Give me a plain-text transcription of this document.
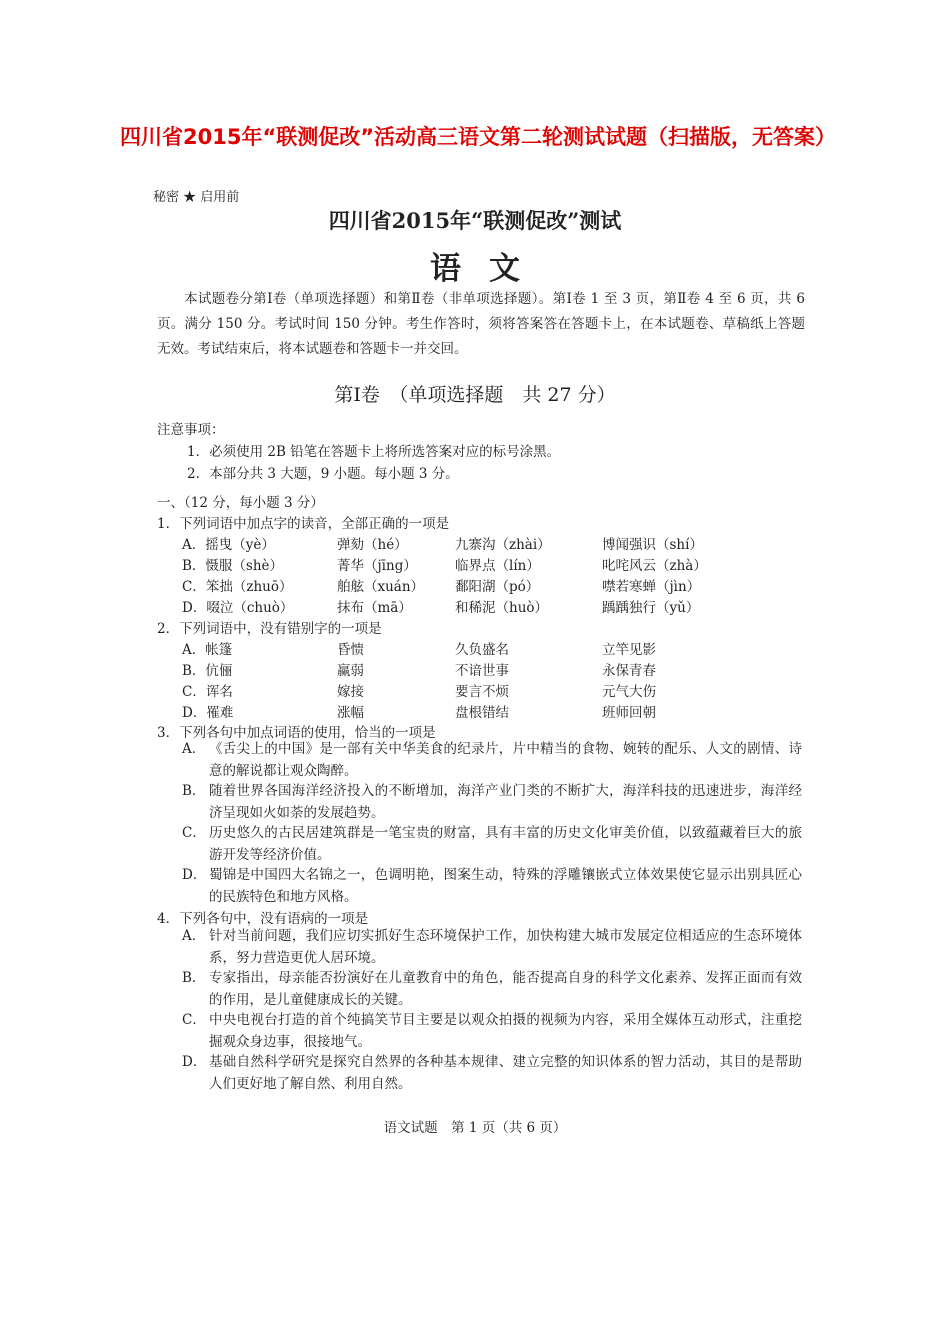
四川省2015年“联测促改”活动高三语文第二轮测试试题（扫描版，无答案）
秘密 ★ 启用前
四川省2015年“联测促改”测试
语文
本试题卷分第Ⅰ卷（单项选择题）和第Ⅱ卷（非单项选择题）。第Ⅰ卷 1 至 3 页，第Ⅱ卷 4 至 6 页，共 6 页。满分 150 分。考试时间 150 分钟。考生作答时，须将答案答在答题卡上，在本试题卷、草稿纸上答题无效。考试结束后，将本试题卷和答题卡一并交回。
第Ⅰ卷　（单项选择题　共 27 分）
注意事项：
1．必须使用 2B 铅笔在答题卡上将所选答案对应的标号涂黑。
2．本部分共 3 大题，9 小题。每小题 3 分。
一、（12 分，每小题 3 分）
1．下列词语中加点字的读音，全部正确的一项是
A．摇曳（yè）	弹劾（hé）	九寨沟（zhài）	博闻强识（shí）
B．慑服（shè）	菁华（jīng）	临界点（lín）	叱咤风云（zhà）
C．笨拙（zhuō）	舶舷（xuán） 鄱阳湖（pó）	噤若寒蝉（jìn）
D．啜泣（chuò）	抹布（mā）	和稀泥（huò）	踽踽独行（yǔ）
2．下列词语中，没有错别字的一项是
A．帐篷	昏愦	久负盛名	立竿见影
B．伉俪	赢弱	不谙世事	永保青春
C．诨名	嫁接	要言不烦	元气大伤
D．罹难	涨幅	盘根错结	班师回朝
3．下列各句中加点词语的使用，恰当的一项是
A． 《舌尖上的中国》是一部有关中华美食的纪录片，片中精当的食物、婉转的配乐、人文的剧情、诗意的解说都让观众陶醉。
B． 随着世界各国海洋经济投入的不断增加，海洋产业门类的不断扩大，海洋科技的迅速进步，海洋经济呈现如火如荼的发展趋势。
C． 历史悠久的古民居建筑群是一笔宝贵的财富，具有丰富的历史文化审美价值，以致蕴藏着巨大的旅游开发等经济价值。
D． 蜀锦是中国四大名锦之一，色调明艳，图案生动，特殊的浮雕镶嵌式立体效果使它显示出别具匠心的民族特色和地方风格。
4．下列各句中，没有语病的一项是
A． 针对当前问题，我们应切实抓好生态环境保护工作，加快构建大城市发展定位相适应的生态环境体系，努力营造更优人居环境。
B． 专家指出，母亲能否扮演好在儿童教育中的角色，能否提高自身的科学文化素养、发挥正面而有效的作用，是儿童健康成长的关键。
C． 中央电视台打造的首个纯搞笑节目主要是以观众拍摄的视频为内容，采用全媒体互动形式，注重挖掘观众身边事，很接地气。
D． 基础自然科学研究是探究自然界的各种基本规律、建立完整的知识体系的智力活动，其目的是帮助人们更好地了解自然、利用自然。
语文试题　第 1 页（共 6 页）
